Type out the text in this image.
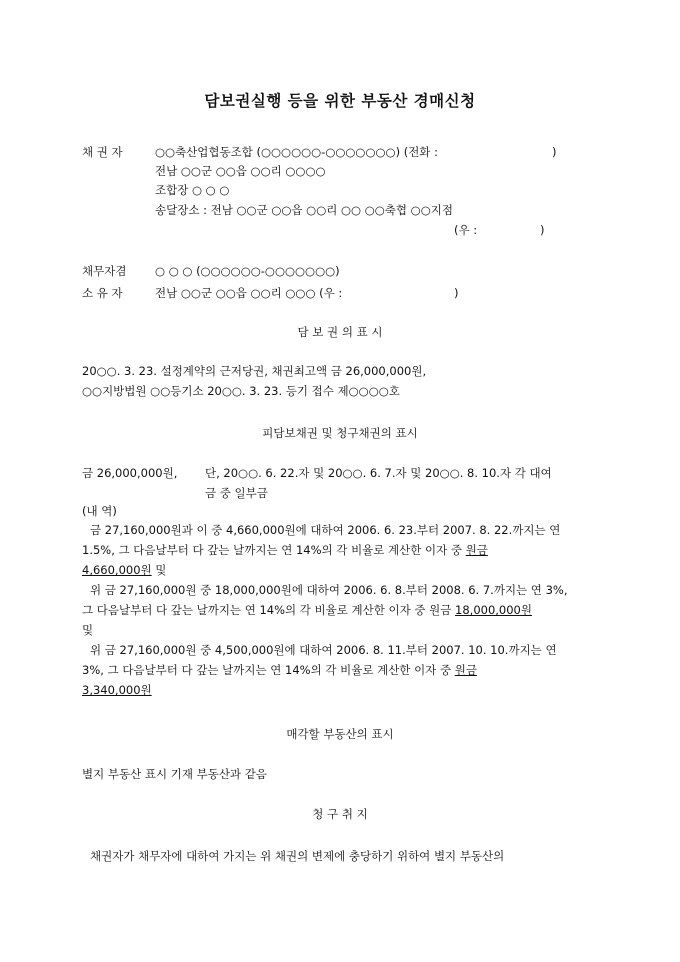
담보권실행 등을 위한 부동산 경매신청
채 권 자	○○축산업협동조합 (○○○○○○-○○○○○○○) (전화 :	)
전남 ○○군 ○○읍 ○○리 ○○○○
조합장 ○ ○ ○
송달장소 : 전남 ○○군 ○○읍 ○○리 ○○ ○○축협 ○○지점
(우 :	)
채무자겸 ○ ○ ○ (○○○○○○-○○○○○○○)
소 유 자	전남 ○○군 ○○읍 ○○리 ○○○ (우 :	)
담 보 권 의 표 시
20○○. 3. 23. 설정계약의 근저당권, 채권최고액 금 26,000,000원,
○○지방법원 ○○등기소 20○○. 3. 23. 등기 접수 제○○○○호
피담보채권 및 청구채권의 표시
금 26,000,000원, 단, 20○○. 6. 22.자 및 20○○. 6. 7.자 및 20○○. 8. 10.자 각 대여
금 중 일부금
(내 역)
금 27,160,000원과 이 중 4,660,000원에 대하여 2006. 6. 23.부터 2007. 8. 22.까지는 연
1.5%, 그 다음날부터 다 갚는 날까지는 연 14%의 각 비율로 계산한 이자 중 원금
4,660,000원 및
위 금 27,160,000원 중 18,000,000원에 대하여 2006. 6. 8.부터 2008. 6. 7.까지는 연 3%,
그 다음날부터 다 갚는 날까지는 연 14%의 각 비율로 계산한 이자 중 원금 18,000,000원
및
위 금 27,160,000원 중 4,500,000원에 대하여 2006. 8. 11.부터 2007. 10. 10.까지는 연
3%, 그 다음날부터 다 갚는 날까지는 연 14%의 각 비율로 계산한 이자 중 원금
3,340,000원
매각할 부동산의 표시
별지 부동산 표시 기재 부동산과 같음
청 구 취 지
채권자가 채무자에 대하여 가지는 위 채권의 변제에 충당하기 위하여 별지 부동산의
